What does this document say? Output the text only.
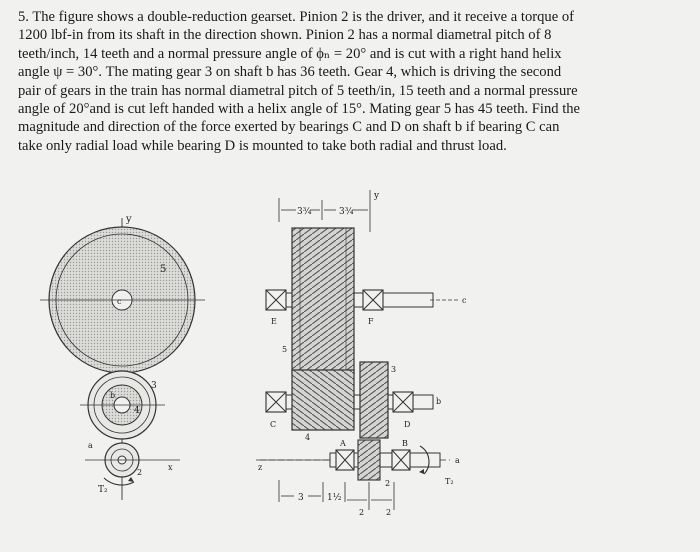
5. The figure shows a double-reduction gearset. Pinion 2 is the driver, and it receive a torque of
1200 lbf-in from its shaft in the direction shown. Pinion 2 has a normal diametral pitch of 8
teeth/inch, 14 teeth and a normal pressure angle of ϕₙ = 20° and is cut with a right hand helix
angle ψ = 30°. The mating gear 3 on shaft b has 36 teeth. Gear 4, which is driving the second
pair of gears in the train has normal diametral pitch of 5 teeth/in, 15 teeth and a normal pressure
angle of 20°and is cut left handed with a helix angle of 15°. Mating gear 5 has 45 teeth. Find the
magnitude and direction of the force exerted by bearings C and D on shaft b if bearing C can
take only radial load while bearing D is mounted to take both radial and thrust load.
y
5
c
3
4
b
a
2
x
T₂
3¾	3¾
y
c
E	F
5
b
3
C	D
4
A
2
B
a
T₂
z
3	1½
2	2
